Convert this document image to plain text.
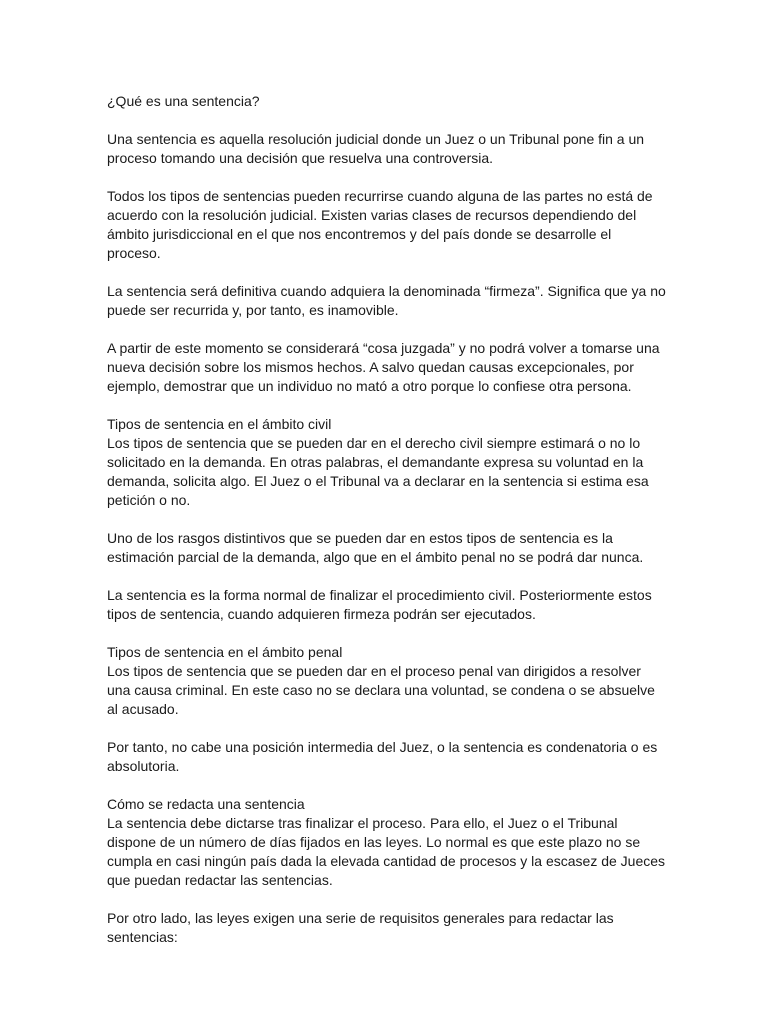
¿Qué es una sentencia?

Una sentencia es aquella resolución judicial donde un Juez o un Tribunal pone fin a un proceso tomando una decisión que resuelva una controversia.

Todos los tipos de sentencias pueden recurrirse cuando alguna de las partes no está de acuerdo con la resolución judicial. Existen varias clases de recursos dependiendo del ámbito jurisdiccional en el que nos encontremos y del país donde se desarrolle el proceso.

La sentencia será definitiva cuando adquiera la denominada “firmeza”. Significa que ya no puede ser recurrida y, por tanto, es inamovible.

A partir de este momento se considerará “cosa juzgada” y no podrá volver a tomarse una nueva decisión sobre los mismos hechos. A salvo quedan causas excepcionales, por ejemplo, demostrar que un individuo no mató a otro porque lo confiese otra persona.

Tipos de sentencia en el ámbito civil

Los tipos de sentencia que se pueden dar en el derecho civil siempre estimará o no lo solicitado en la demanda. En otras palabras, el demandante expresa su voluntad en la demanda, solicita algo. El Juez o el Tribunal va a declarar en la sentencia si estima esa petición o no.

Uno de los rasgos distintivos que se pueden dar en estos tipos de sentencia es la estimación parcial de la demanda, algo que en el ámbito penal no se podrá dar nunca.

La sentencia es la forma normal de finalizar el procedimiento civil. Posteriormente estos tipos de sentencia, cuando adquieren firmeza podrán ser ejecutados.

Tipos de sentencia en el ámbito penal

Los tipos de sentencia que se pueden dar en el proceso penal van dirigidos a resolver una causa criminal. En este caso no se declara una voluntad, se condena o se absuelve al acusado.

Por tanto, no cabe una posición intermedia del Juez, o la sentencia es condenatoria o es absolutoria.

Cómo se redacta una sentencia

La sentencia debe dictarse tras finalizar el proceso. Para ello, el Juez o el Tribunal dispone de un número de días fijados en las leyes. Lo normal es que este plazo no se cumpla en casi ningún país dada la elevada cantidad de procesos y la escasez de Jueces que puedan redactar las sentencias.

Por otro lado, las leyes exigen una serie de requisitos generales para redactar las sentencias:
